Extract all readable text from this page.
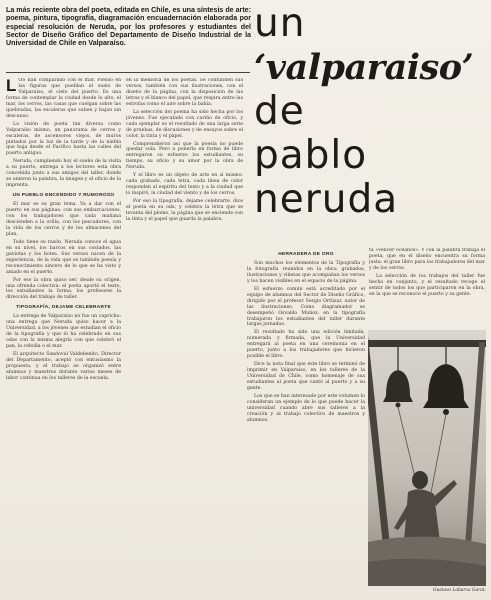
La más reciente obra del poeta, editada en Chile, es una síntesis de arte: poema, pintura, tipografía, diagramación encuadernación elaborada por especial resolución de Neruda, por los profesores y estudiantes del Sector de Diseño Gráfico del Departamento de Diseño Industrial de la Universidad de Chile en Valparaíso.	un
‘valparaiso’
de
pablo
neruda

LOS han comparado con el mar. Pienso en las figuras que pueblan el suelo de Valparaíso, el cielo del puerto. Es una forma de contemplar la ciudad desde lo alto, el mar, los cerros, las casas que cuelgan sobre las quebradas, las escaleras que suben y bajan sin descanso.

La visión de poeta tan diversa como Valparaíso mismo, un panorama de cerros y escaleras, de ascensores viejos, de muros pintados por la luz de la tarde y de la niebla que baja desde el Pacífico hasta las calles del puerto antiguo.

Neruda, cumpliendo hoy el sueño de la visita a su puerto, entrega a los lectores esta obra concebida junto a sus amigos del taller, donde se unieron la palabra, la imagen y el oficio de la imprenta.

UN PUEBLO ENCENDIDO Y RUMOROSO

El mar es su gran tema. Va a dar con el puerto en sus páginas, con sus embarcaciones, con los trabajadores que cada mañana descienden a la orilla, con los pescadores, con la vida de los cerros y de los almacenes del plan.

Todo tiene su razón. Neruda conoce el agua en su nivel, los barcos en sus costados, las gaviotas y los botes. Sus versos nacen de la experiencia, de la vida que es también poesía y reconocimiento sincero de lo que se ha visto y amado en el puerto.

Por eso la obra quiso ser, desde su origen, una ofrenda colectiva: el poeta aportó el texto, los estudiantes la forma, los profesores la dirección del trabajo de taller.

TIPOGRAFÍA, DEJAME CELEBRARTE

La entrega de Valparaíso no fue un capricho: una entrega que Neruda quiso hacer a la Universidad, a los jóvenes que estudian el oficio de la tipografía y que él ha celebrado en sus odas con la misma alegría con que celebró el pan, la cebolla o el mar.

El arquitecto Sandoval Valdebenito, Director del Departamento, aceptó con entusiasmo la propuesta, y el trabajo se organizó entre alumnos y maestros durante varios meses de labor continua en los talleres de la escuela.

en la memoria de los poetas. Se confunden sus versos, también con sus ilustraciones, con el diseño de la página, con la disposición de las letras y el blanco del papel, que respira entre las estrofas como el aire sobre la bahía.

La selección del poema ha sido hecha por los jóvenes. Fue ejecutado con cariño de oficio, y cada ejemplar es el resultado de una larga serie de pruebas, de discusiones y de ensayos sobre el color, la tinta y el papel.

Comprendieron así que la poesía no puede quedar sola. Pero a ponerla en forma de libro entregaron su esfuerzo los estudiantes, su tiempo, su oficio y su amor por la obra de Neruda.

Y el libro es un objeto de arte en sí mismo: cada grabado, cada letra, cada línea de color responden al espíritu del texto y a la ciudad que lo inspiró, la ciudad del viento y de los cerros.

Por eso la tipografía, dejame celebrarte, dice el poeta en su oda, y celebra la letra que se levanta del plomo, la página que se enciende con la tinta y el papel que guarda la palabra.

HERRADERA DE ORO

Son muchos los elementos de la Tipografía y la fotografía reunidos en la obra: grabados, ilustraciones y viñetas que acompañan los versos y los hacen visibles en el espacio de la página.

El esfuerzo común está acreditado por el equipo de alumnos del Sector de Diseño Gráfico, dirigido por el profesor Sergio Ortúzar, autor de las ilustraciones. Como diagramador se desempeñó Osvaldo Muñoz; en la tipografía trabajaron los estudiantes del taller durante largas jornadas.

El resultado ha sido una edición limitada, numerada y firmada, que la Universidad entregará al poeta en una ceremonia en el puerto, junto a los trabajadores que hicieron posible el libro.

Dice la nota final que este libro se terminó de imprimir en Valparaíso, en los talleres de la Universidad de Chile, como homenaje de sus estudiantes al poeta que cantó al puerto y a su gente.

Los que se han interesado por este volumen lo consideran un ejemplo de lo que puede hacer la universidad cuando abre sus talleres a la creación y al trabajo colectivo de maestros y alumnos.

ta «vencer océanos». Y con la palabra trabaja el poeta, que en el diseño encuentra su forma justa: el gran libro para los trabajadores del mar y de los cerros.

La selección de los trabajos del taller fue hecha en conjunto, y el resultado recoge el sentir de todos los que participaron en la obra, en la que se reconoce el puerto y su gente.

Gustavo Labarca Garat.
